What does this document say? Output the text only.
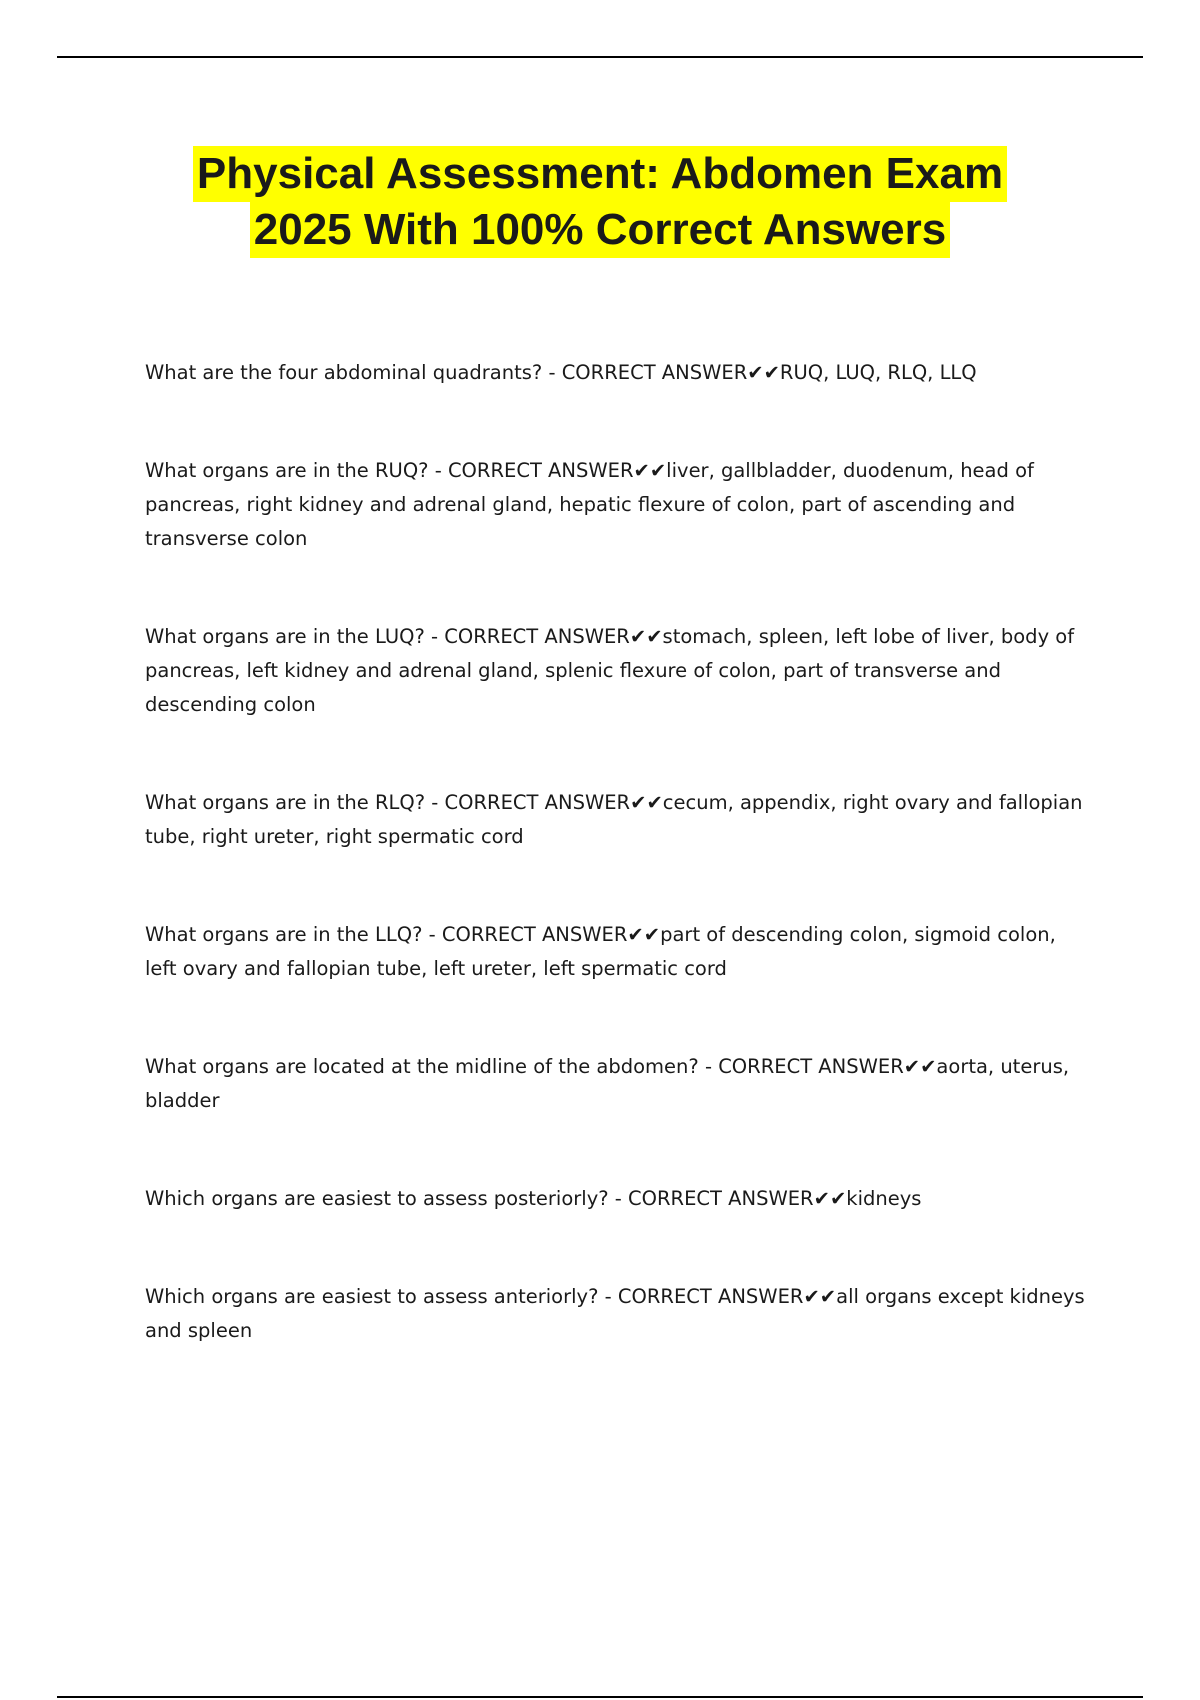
Physical Assessment: Abdomen Exam
2025 With 100% Correct Answers
What are the four abdominal quadrants? - CORRECT ANSWER✔✔RUQ, LUQ, RLQ, LLQ
What organs are in the RUQ? - CORRECT ANSWER✔✔liver, gallbladder, duodenum, head of pancreas, right kidney and adrenal gland, hepatic flexure of colon, part of ascending and transverse colon
What organs are in the LUQ? - CORRECT ANSWER✔✔stomach, spleen, left lobe of liver, body of pancreas, left kidney and adrenal gland, splenic flexure of colon, part of transverse and descending colon
What organs are in the RLQ? - CORRECT ANSWER✔✔cecum, appendix, right ovary and fallopian tube, right ureter, right spermatic cord
What organs are in the LLQ? - CORRECT ANSWER✔✔part of descending colon, sigmoid colon, left ovary and fallopian tube, left ureter, left spermatic cord
What organs are located at the midline of the abdomen? - CORRECT ANSWER✔✔aorta, uterus, bladder
Which organs are easiest to assess posteriorly? - CORRECT ANSWER✔✔kidneys
Which organs are easiest to assess anteriorly? - CORRECT ANSWER✔✔all organs except kidneys and spleen
